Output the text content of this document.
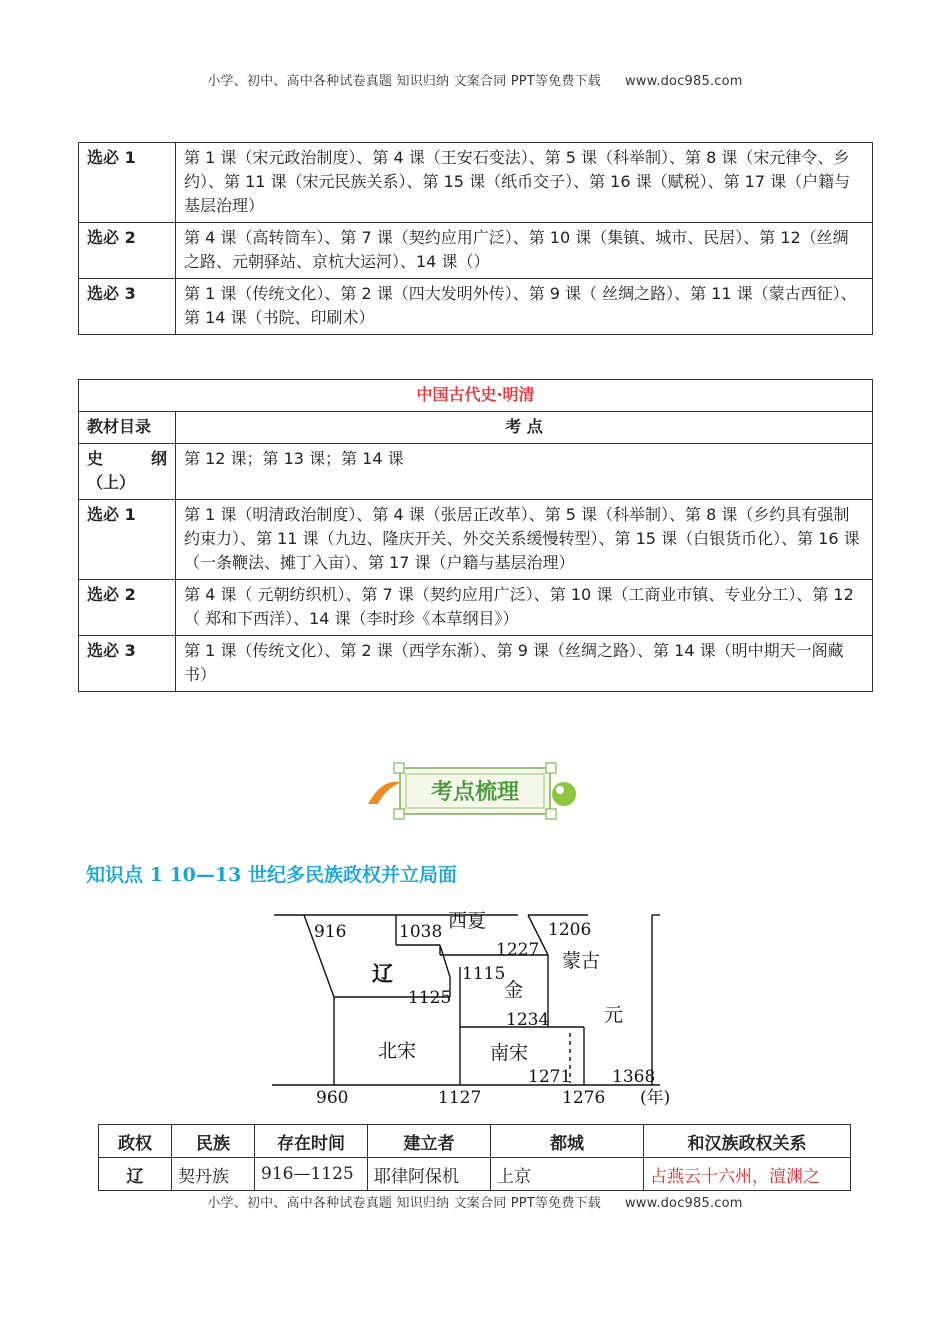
小学、初中、高中各种试卷真题 知识归纳 文案合同 PPT等免费下载 www.doc985.com
选必 1	第 1 课（宋元政治制度）、第 4 课（王安石变法）、第 5 课（科举制）、第 8 课（宋元律令、乡约）、第 11 课（宋元民族关系）、第 15 课（纸币交子）、第 16 课（赋税）、第 17 课（户籍与基层治理）
选必 2	第 4 课（高转筒车）、第 7 课（契约应用广泛）、第 10 课（集镇、城市、民居）、第 12（丝绸之路、元朝驿站、京杭大运河）、14 课（）
选必 3	第 1 课（传统文化）、第 2 课（四大发明外传）、第 9 课（ 丝绸之路）、第 11 课（蒙古西征）、第 14 课（书院、印刷术）
中国古代史·明清	
教材目录	考 点

史 纲
（上）	第 12 课；第 13 课；第 14 课
选必 1	第 1 课（明清政治制度）、第 4 课（张居正改革）、第 5 课（科举制）、第 8 课（乡约具有强制约束力）、第 11 课（九边、隆庆开关、外交关系缓慢转型）、第 15 课（白银货币化）、第 16 课（一条鞭法、摊丁入亩）、第 17 课（户籍与基层治理）
选必 2	第 4 课（ 元朝纺织机）、第 7 课（契约应用广泛）、第 10 课（工商业市镇、专业分工）、第 12（ 郑和下西洋）、14 课（李时珍《本草纲目》）
选必 3	第 1 课（传统文化）、第 2 课（西学东渐）、第 9 课（丝绸之路）、第 14 课（明中期天一阁藏书）
考点梳理
知识点 1 10—13 世纪多民族政权并立局面
916	1038 西夏	1206
1227 蒙古
辽	1115
金
1125
元
1234
北宋	南宋
1271 1368
960	1127	1276 (年)
政权	民族	存在时间	建立者	都城	和汉族政权关系
辽	契丹族	916—1125	耶律阿保机	上京	占燕云十六州，澶渊之
小学、初中、高中各种试卷真题 知识归纳 文案合同 PPT等免费下载 www.doc985.com
